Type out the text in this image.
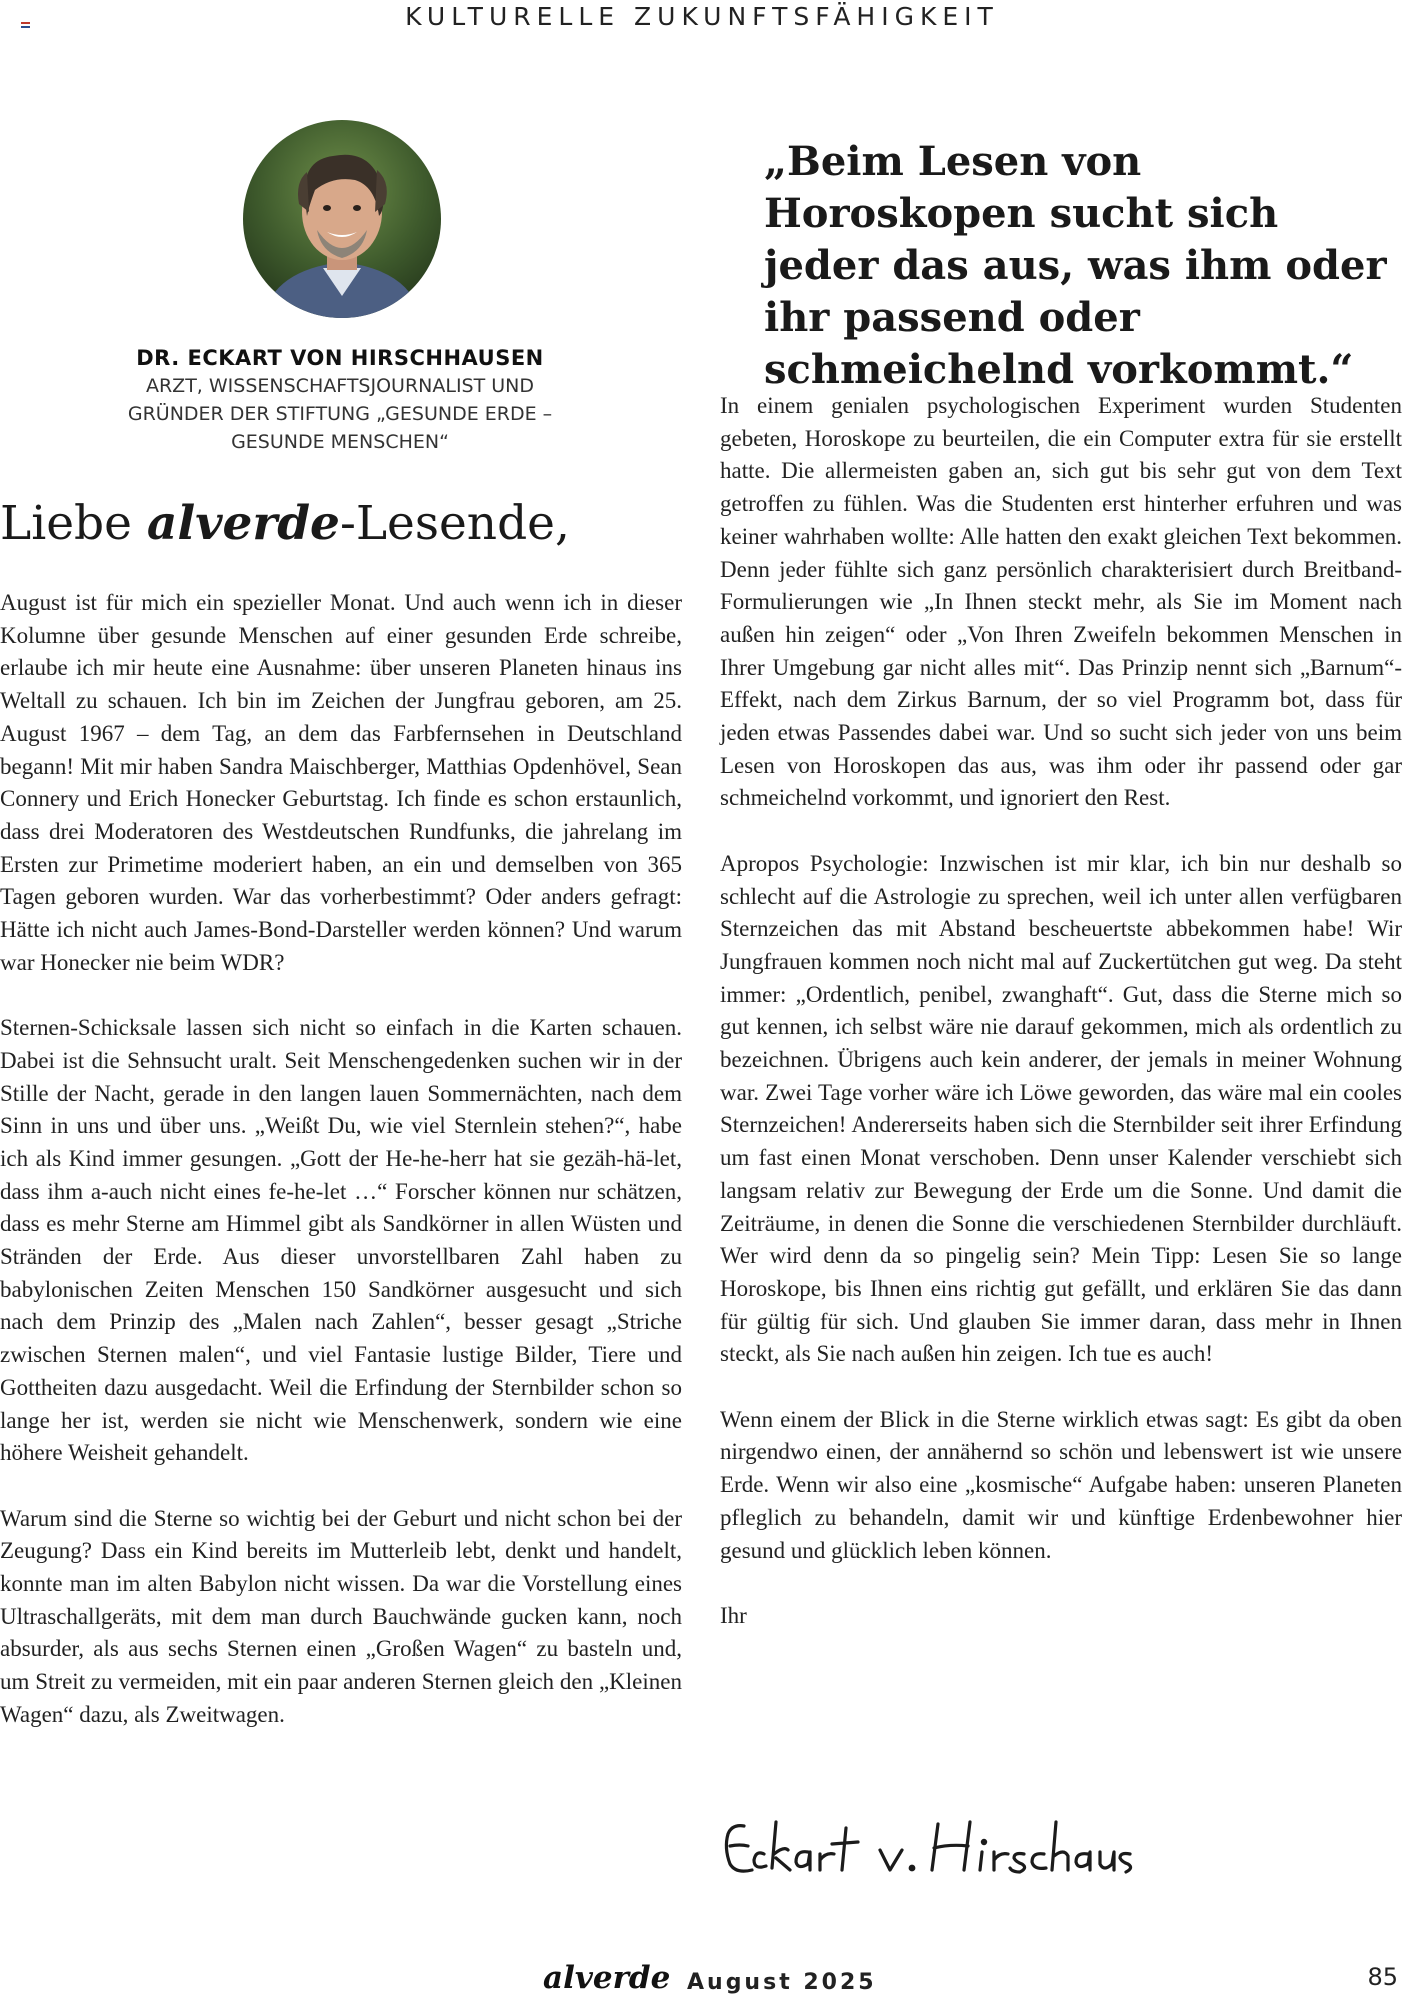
KULTURELLE ZUKUNFTSFÄHIGKEIT
DR. ECKART VON HIRSCHHAUSEN
ARZT, WISSENSCHAFTSJOURNALIST UND GRÜNDER DER STIFTUNG „GESUNDE ERDE – GESUNDE MENSCHEN“
Liebe alverde-Lesende,
„Beim Lesen von Horoskopen sucht sich jeder das aus, was ihm oder ihr passend oder schmeichelnd vorkommt.“

August ist für mich ein spezieller Monat. Und auch wenn ich in dieser Kolumne über gesunde Menschen auf einer gesunden Erde schreibe, erlaube ich mir heute eine Ausnahme: über unseren Planeten hinaus ins Weltall zu schauen. Ich bin im Zeichen der Jungfrau geboren, am 25. August 1967 – dem Tag, an dem das Farbfernsehen in Deutschland begann! Mit mir haben Sandra Maischberger, Matthias Opdenhövel, Sean Connery und Erich Honecker Geburtstag. Ich finde es schon erstaunlich, dass drei Moderatoren des Westdeutschen Rundfunks, die jahrelang im Ersten zur Primetime moderiert haben, an ein und demselben von 365 Tagen geboren wurden. War das vorherbestimmt? Oder anders gefragt: Hätte ich nicht auch James-Bond-Darsteller werden können? Und warum war Honecker nie beim WDR?

Sternen-Schicksale lassen sich nicht so einfach in die Karten schauen. Dabei ist die Sehnsucht uralt. Seit Menschengedenken suchen wir in der Stille der Nacht, gerade in den langen lauen Sommernächten, nach dem Sinn in uns und über uns. „Weißt Du, wie viel Sternlein stehen?“, habe ich als Kind immer gesungen. „Gott der He-he-herr hat sie gezäh-hä-let, dass ihm a-auch nicht eines fe-he-let …“ Forscher können nur schätzen, dass es mehr Sterne am Himmel gibt als Sandkörner in allen Wüsten und Stränden der Erde. Aus dieser unvorstellbaren Zahl haben zu babylonischen Zeiten Menschen 150 Sandkörner ausgesucht und sich nach dem Prinzip des „Malen nach Zahlen“, besser gesagt „Striche zwischen Sternen malen“, und viel Fantasie lustige Bilder, Tiere und Gottheiten dazu ausgedacht. Weil die Erfindung der Sternbilder schon so lange her ist, werden sie nicht wie Menschenwerk, sondern wie eine höhere Weisheit gehandelt.

Warum sind die Sterne so wichtig bei der Geburt und nicht schon bei der Zeugung? Dass ein Kind bereits im Mutterleib lebt, denkt und handelt, konnte man im alten Babylon nicht wissen. Da war die Vorstellung eines Ultraschallgeräts, mit dem man durch Bauchwände gucken kann, noch absurder, als aus sechs Sternen einen „Großen Wagen“ zu basteln und, um Streit zu vermeiden, mit ein paar anderen Sternen gleich den „Kleinen Wagen“ dazu, als Zweitwagen.

In einem genialen psychologischen Experiment wurden Studenten gebeten, Horoskope zu beurteilen, die ein Computer extra für sie erstellt hatte. Die allermeisten gaben an, sich gut bis sehr gut von dem Text getroffen zu fühlen. Was die Studenten erst hinterher erfuhren und was keiner wahrhaben wollte: Alle hatten den exakt gleichen Text bekommen. Denn jeder fühlte sich ganz persönlich charakterisiert durch Breitband-Formulierungen wie „In Ihnen steckt mehr, als Sie im Moment nach außen hin zeigen“ oder „Von Ihren Zweifeln bekommen Menschen in Ihrer Umgebung gar nicht alles mit“. Das Prinzip nennt sich „Barnum“-Effekt, nach dem Zirkus Barnum, der so viel Programm bot, dass für jeden etwas Passendes dabei war. Und so sucht sich jeder von uns beim Lesen von Horoskopen das aus, was ihm oder ihr passend oder gar schmeichelnd vorkommt, und ignoriert den Rest.

Apropos Psychologie: Inzwischen ist mir klar, ich bin nur deshalb so schlecht auf die Astrologie zu sprechen, weil ich unter allen verfügbaren Sternzeichen das mit Abstand bescheuertste abbekommen habe! Wir Jungfrauen kommen noch nicht mal auf Zuckertütchen gut weg. Da steht immer: „Ordentlich, penibel, zwanghaft“. Gut, dass die Sterne mich so gut kennen, ich selbst wäre nie darauf gekommen, mich als ordentlich zu bezeichnen. Übrigens auch kein anderer, der jemals in meiner Wohnung war. Zwei Tage vorher wäre ich Löwe geworden, das wäre mal ein cooles Sternzeichen! Andererseits haben sich die Sternbilder seit ihrer Erfindung um fast einen Monat verschoben. Denn unser Kalender verschiebt sich langsam relativ zur Bewegung der Erde um die Sonne. Und damit die Zeiträume, in denen die Sonne die verschiedenen Sternbilder durchläuft. Wer wird denn da so pingelig sein? Mein Tipp: Lesen Sie so lange Horoskope, bis Ihnen eins richtig gut gefällt, und erklären Sie das dann für gültig für sich. Und glauben Sie immer daran, dass mehr in Ihnen steckt, als Sie nach außen hin zeigen. Ich tue es auch!

Wenn einem der Blick in die Sterne wirklich etwas sagt: Es gibt da oben nirgendwo einen, der annähernd so schön und lebenswert ist wie unsere Erde. Wenn wir also eine „kosmische“ Aufgabe haben: unseren Planeten pfleglich zu behandeln, damit wir und künftige Erdenbewohner hier gesund und glücklich leben können.

Ihr

alverde August 2025	85
